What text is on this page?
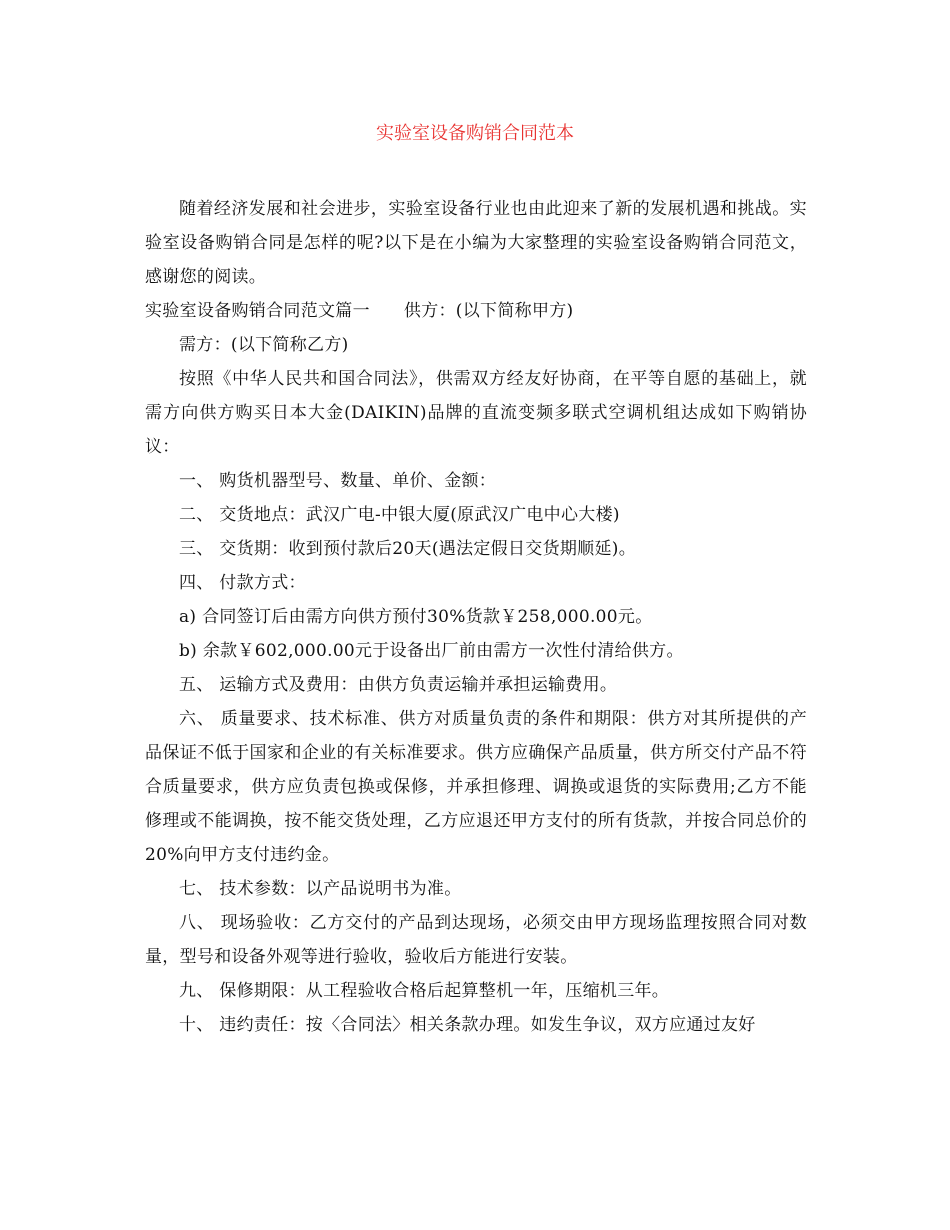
实验室设备购销合同范本

随着经济发展和社会进步，实验室设备行业也由此迎来了新的发展机遇和挑战。实验室设备购销合同是怎样的呢?以下是在小编为大家整理的实验室设备购销合同范文，感谢您的阅读。

实验室设备购销合同范文篇一 供方：(以下简称甲方)

需方：(以下简称乙方)

按照《中华人民共和国合同法》，供需双方经友好协商，在平等自愿的基础上，就需方向供方购买日本大金(DAIKIN)品牌的直流变频多联式空调机组达成如下购销协议：

一、 购货机器型号、数量、单价、金额：

二、 交货地点：武汉广电-中银大厦(原武汉广电中心大楼)

三、 交货期：收到预付款后20天(遇法定假日交货期顺延)。

四、 付款方式：

a) 合同签订后由需方向供方预付30%货款￥258,000.00元。

b) 余款￥602,000.00元于设备出厂前由需方一次性付清给供方。

五、 运输方式及费用：由供方负责运输并承担运输费用。

六、 质量要求、技术标准、供方对质量负责的条件和期限：供方对其所提供的产品保证不低于国家和企业的有关标准要求。供方应确保产品质量，供方所交付产品不符合质量要求，供方应负责包换或保修，并承担修理、调换或退货的实际费用;乙方不能修理或不能调换，按不能交货处理，乙方应退还甲方支付的所有货款，并按合同总价的20%向甲方支付违约金。

七、 技术参数：以产品说明书为准。

八、 现场验收：乙方交付的产品到达现场，必须交由甲方现场监理按照合同对数量，型号和设备外观等进行验收，验收后方能进行安装。

九、 保修期限：从工程验收合格后起算整机一年，压缩机三年。

十、 违约责任：按〈合同法〉相关条款办理。如发生争议，双方应通过友好
